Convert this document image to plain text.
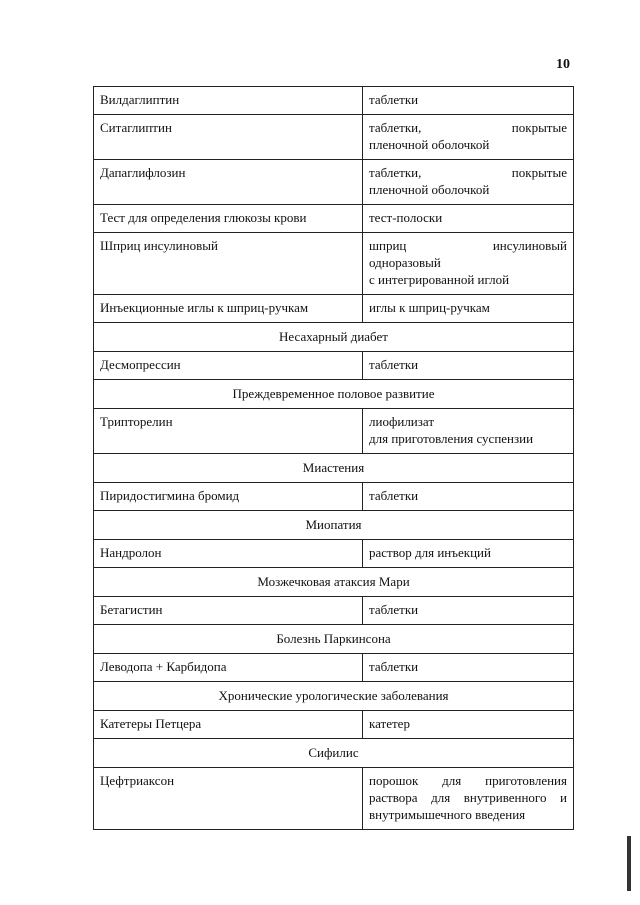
10
Вилдаглиптин	таблетки

Ситаглиптин	таблетки, покрытые
пленочной оболочкой

Дапаглифлозин	таблетки, покрытые
пленочной оболочкой

Тест для определения глюкозы крови	тест-полоски

Шприц инсулиновый	шприц инсулиновый
одноразовый
с интегрированной иглой

Инъекционные иглы к шприц-ручкам	иглы к шприц-ручкам

Несахарный диабет	
Десмопрессин	таблетки

Преждевременное половое развитие	
Трипторелин	лиофилизат
для приготовления суспензии

Миастения	
Пиридостигмина бромид	таблетки

Миопатия	
Нандролон	раствор для инъекций

Мозжечковая атаксия Мари	
Бетагистин	таблетки

Болезнь Паркинсона	
Леводопа + Карбидопа	таблетки

Хронические урологические заболевания	
Катетеры Петцера	катетер

Сифилис	
Цефтриаксон	порошок для приготовления
раствора для внутривенного и
внутримышечного введения
